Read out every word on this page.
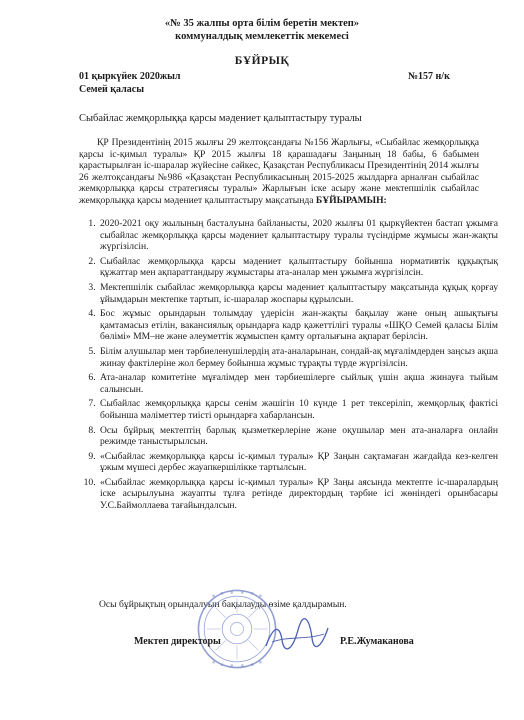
«№ 35 жалпы орта білім беретін мектеп»
коммуналдық мемлекеттік мекемесі
БҰЙРЫҚ
01 қыркүйек 2020жыл	№157 н/к
Семей қаласы
Сыбайлас жемқорлыққа қарсы мәдениет қалыптастыру туралы

ҚР Президентінің 2015 жылғы 29 желтоқсандағы №156 Жарлығы, «Сыбайлас жемқорлыққа қарсы іс-қимыл туралы» ҚР 2015 жылғы 18 қарашадағы Заңының 18 бабы, 6 бабымен қарастырылған іс-шаралар жүйесіне сәйкес, Қазақстан Республикасы Президентінің 2014 жылғы 26 желтоқсандағы №986 «Қазақстан Республикасының 2015-2025 жылдарға арналған сыбайлас жемқорлыққа қарсы стратегиясы туралы» Жарлығын іске асыру және мектепшілік сыбайлас жемқорлыққа қарсы мәдениет қалыптастыру мақсатында БҰЙЫРАМЫН:

1. 2020-2021 оқу жылының басталуына байланысты, 2020 жылғы 01 қыркүйектен бастап ұжымға сыбайлас жемқорлыққа қарсы мәдениет қалыптастыру туралы түсіндірме жұмысы жан-жақты жүргізілсін.
2. Сыбайлас жемқорлыққа қарсы мәдениет қалыптастыру бойынша нормативтік құқықтық құжаттар мен ақпараттандыру жұмыстары ата-аналар мен ұжымға жүргізілсін.
3. Мектепшілік сыбайлас жемқорлыққа қарсы мәдениет қалыптастыру мақсатында құқық қорғау ұйымдарын мектепке тартып, іс-шаралар жоспары құрылсын.
4. Бос жұмыс орындарын толымдау үдерісін жан-жақты бақылау және оның ашықтығы қамтамасыз етілін, вакансиялық орындарға кадр қажеттілігі туралы «ШҚО Семей қаласы Білім бөлімі» ММ–не және әлеуметтік жұмыспен қамту орталығына ақпарат берілсін.
5. Білім алушылар мен тәрбиеленушілердің ата-аналарынан, сондай-ақ мұғалімдерден заңсыз ақша жинау фактілеріне жол бермеу бойынша жұмыс тұрақты түрде жүргізілсін.
6. Ата-аналар комитетіне мұғалімдер мен тәрбиешілерге сыйлық үшін ақша жинауға тыйым салынсын.
7. Сыбайлас жемқорлыққа қарсы сенім жәшігін 10 күнде 1 рет тексеріліп, жемқорлық фактісі бойынша мәліметтер тиісті орындарға хабарлансын.
8. Осы бұйрық мектептің барлық қызметкерлеріне және оқушылар мен ата-аналарға онлайн режимде таныстырылсын.
9. «Сыбайлас жемқорлыққа қарсы іс-қимыл туралы» ҚР Заңын сақтамаған жағдайда кез-келген ұжым мүшесі дербес жауапкершілікке тартылсын.
10. «Сыбайлас жемқорлыққа қарсы іс-қимыл туралы» ҚР Заңы аясында мектепте іс-шаралардың іске асырылуына жауапты тұлға ретінде директордың тәрбие ісі жөніндегі орынбасары У.С.Баймоллаева тағайындалсын.
Осы бұйрықтың орындалуын бақылауды өзіме қалдырамын.
Мектеп директоры	Р.Е.Жумаканова
